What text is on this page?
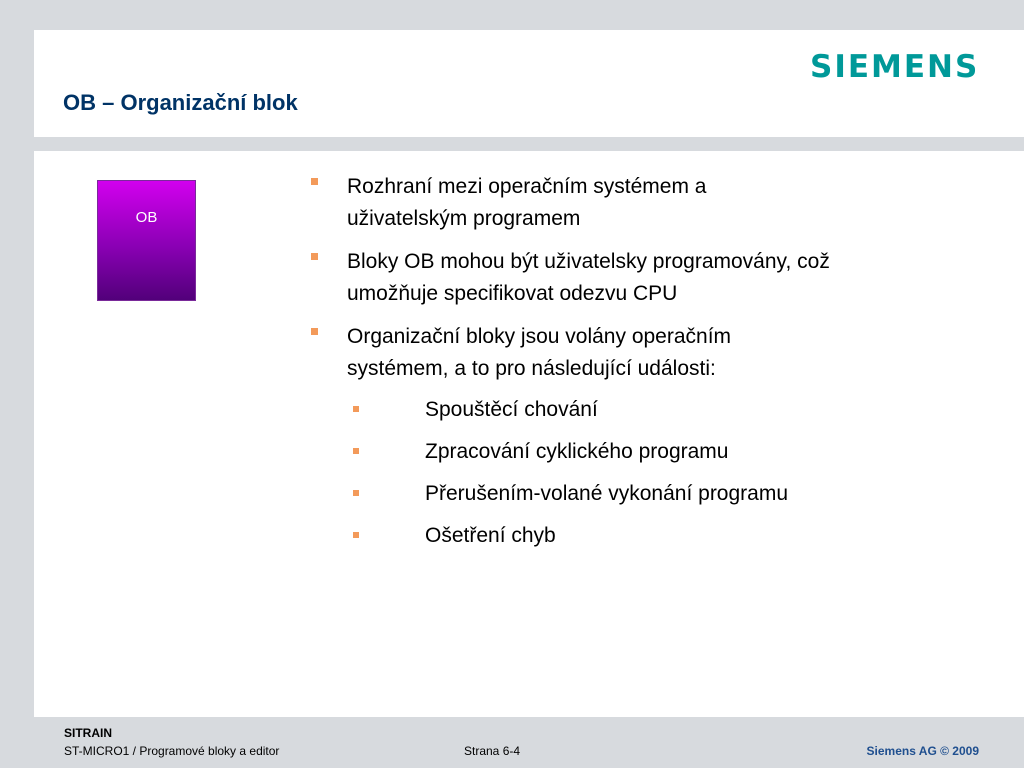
SIEMENS
OB – Organizační blok
OB
Rozhraní mezi operačním systémem a uživatelským programem
Bloky OB mohou být uživatelsky programovány, což umožňuje specifikovat odezvu CPU
Organizační bloky jsou volány operačním systémem, a to pro následující události:
Spouštěcí chování
Zpracování cyklického programu
Přerušením-volané vykonání programu
Ošetření chyb
SITRAIN
ST-MICRO1 / Programové bloky a editor	Strana 6-4	Siemens AG © 2009
